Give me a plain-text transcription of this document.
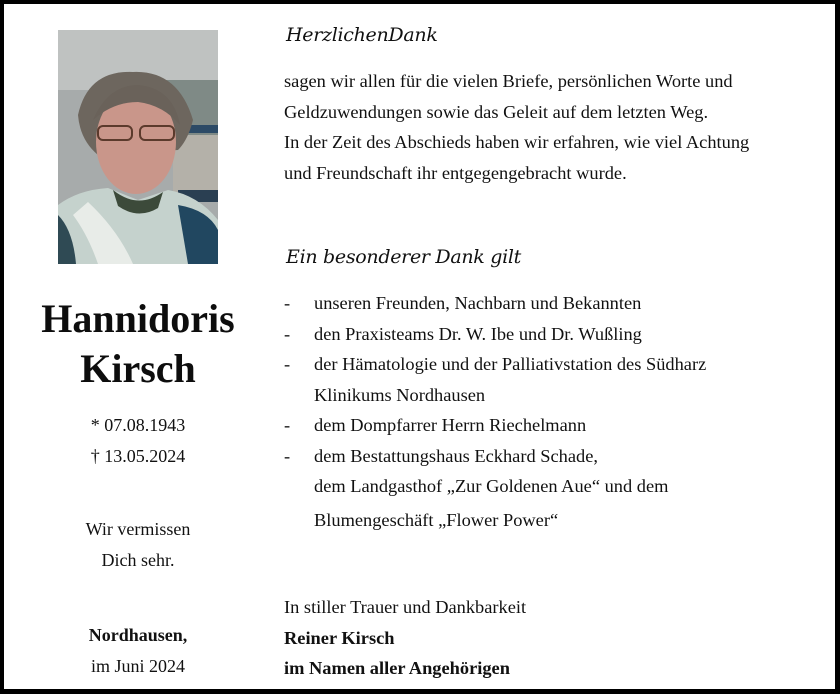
Hannidoris
Kirsch
* 07.08.1943
† 13.05.2024
Wir vermissen
Dich sehr.
Nordhausen,
im Juni 2024
HerzlichenDank
sagen wir allen für die vielen Briefe, persönlichen Worte und
Geldzuwendungen sowie das Geleit auf dem letzten Weg.
In der Zeit des Abschieds haben wir erfahren, wie viel Achtung
und Freundschaft ihr entgegengebracht wurde.
Ein besonderer Dank gilt
-	unseren Freunden, Nachbarn und Bekannten
-	den Praxisteams Dr. W. Ibe und Dr. Wußling
-	der Hämatologie und der Palliativstation des Südharz
Klinikums Nordhausen
-	dem Dompfarrer Herrn Riechelmann
-	dem Bestattungshaus Eckhard Schade,
dem Landgasthof „Zur Goldenen Aue“ und dem
Blumengeschäft „Flower Power“
In stiller Trauer und Dankbarkeit
Reiner Kirsch
im Namen aller Angehörigen
